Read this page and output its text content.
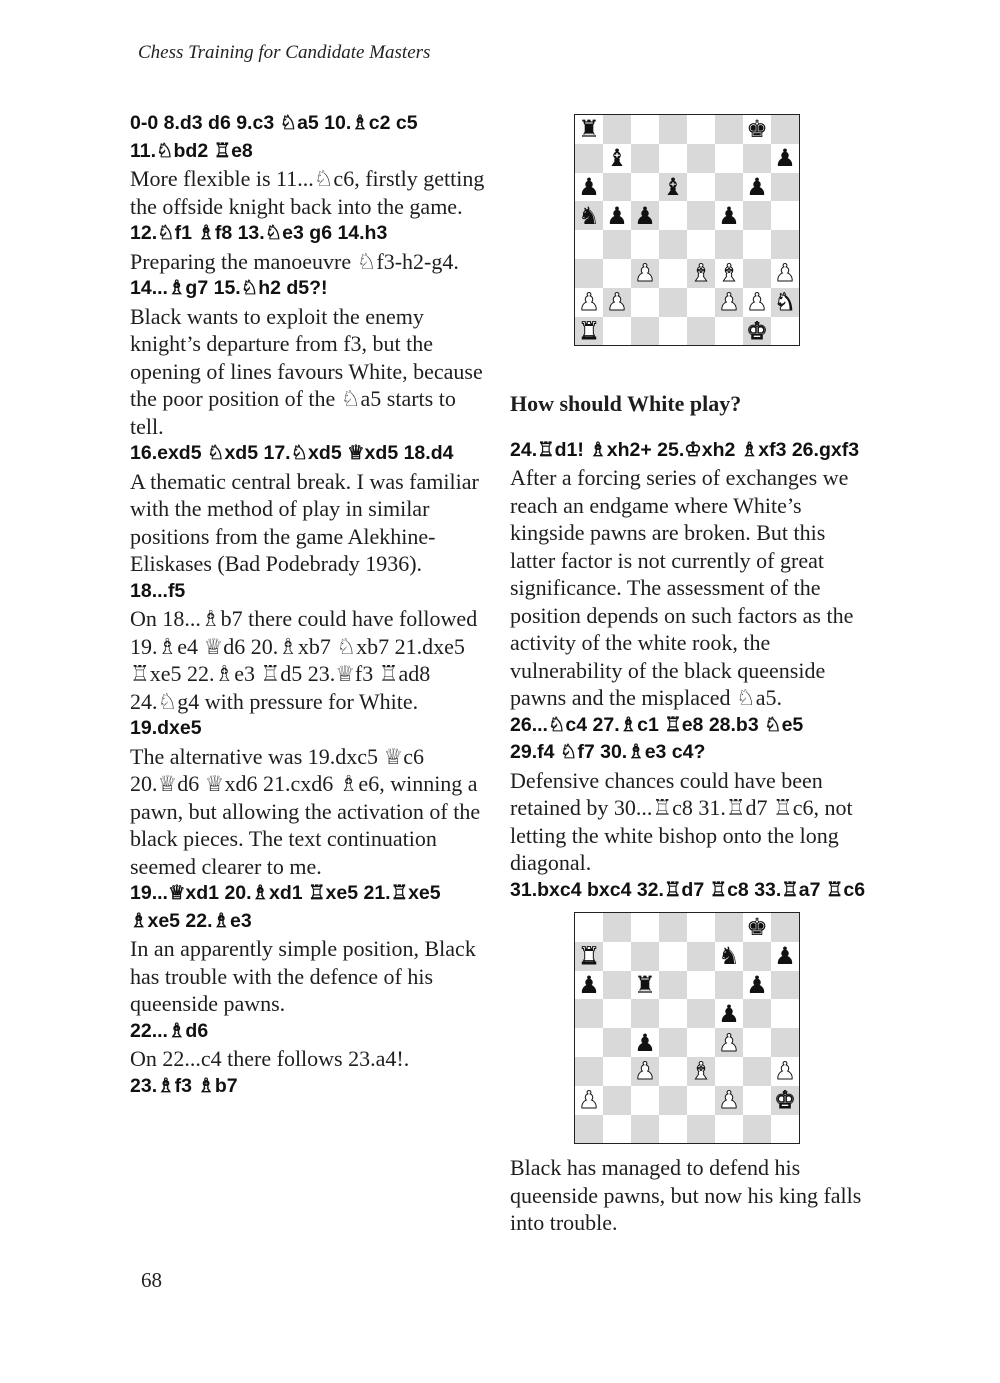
Chess Training for Candidate Masters
0-0 8.d3 d6 9.c3 ♘a5 10.♗c2 c5
11.♘bd2 ♖e8

More flexible is 11...♘c6, firstly getting the offside knight back into the game.

12.♘f1 ♗f8 13.♘e3 g6 14.h3

Preparing the manoeuvre ♘f3-h2-g4.

14...♗g7 15.♘h2 d5?!

Black wants to exploit the enemy knight’s departure from f3, but the opening of lines favours White, because the poor position of the ♘a5 starts to tell.

16.exd5 ♘xd5 17.♘xd5 ♕xd5 18.d4

A thematic central break. I was familiar with the method of play in similar positions from the game Alekhine-Eliskases (Bad Podebrady 1936).

18...f5

On 18...♗b7 there could have followed 19.♗e4 ♕d6 20.♗xb7 ♘xb7 21.dxe5 ♖xe5 22.♗e3 ♖d5 23.♕f3 ♖ad8 24.♘g4 with pressure for White.

19.dxe5

The alternative was 19.dxc5 ♕c6 20.♕d6 ♕xd6 21.cxd6 ♗e6, winning a pawn, but allowing the activation of the black pieces. The text continuation seemed clearer to me.

19...♕xd1 20.♗xd1 ♖xe5 21.♖xe5
♗xe5 22.♗e3

In an apparently simple position, Black has trouble with the defence of his queenside pawns.

22...♗d6

On 22...c4 there follows 23.a4!.

23.♗f3 ♗b7
♜	♚
♝	♟
♟	♝	♟
♞ ♟ ♟	♟
♟ ♝ ♝ ♟
♟ ♟	♟ ♟ ♞
♜	♚
How should White play?
24.♖d1! ♗xh2+ 25.♔xh2 ♗xf3 26.gxf3

After a forcing series of exchanges we reach an endgame where White’s kingside pawns are broken. But this latter factor is not currently of great significance. The assessment of the position depends on such factors as the activity of the white rook, the vulnerability of the black queenside pawns and the misplaced ♘a5.

26...♘c4 27.♗c1 ♖e8 28.b3 ♘e5
29.f4 ♘f7 30.♗e3 c4?

Defensive chances could have been retained by 30...♖c8 31.♖d7 ♖c6, not letting the white bishop onto the long diagonal.

31.bxc4 bxc4 32.♖d7 ♖c8 33.♖a7 ♖c6
♚
♜	♞ ♟
♟ ♜	♟
♟
♟	♟
♟ ♝	♟
♟	♟ ♚

Black has managed to defend his queenside pawns, but now his king falls into trouble.

68
